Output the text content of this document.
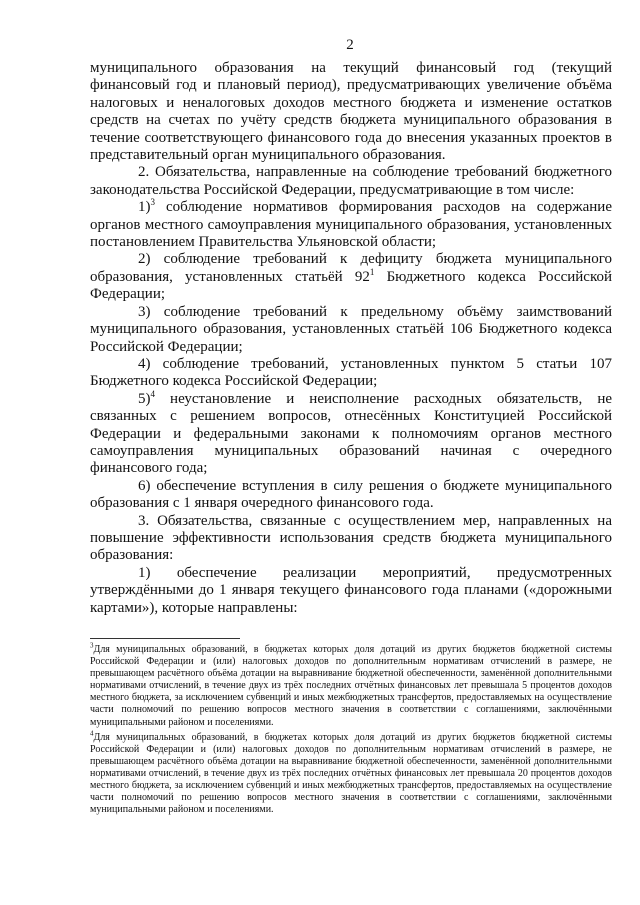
2

муниципального образования на текущий финансовый год (текущий финансовый год и плановый период), предусматривающих увеличение объёма налоговых и неналоговых доходов местного бюджета и изменение остатков средств на счетах по учёту средств бюджета муниципального образования в течение соответствующего финансового года до внесения указанных проектов в представительный орган муниципального образования.

2. Обязательства, направленные на соблюдение требований бюджетного законодательства Российской Федерации, предусматривающие в том числе:

1)$^3$ соблюдение нормативов формирования расходов на содержание органов местного самоуправления муниципального образования, установленных постановлением Правительства Ульяновской области;

2) соблюдение требований к дефициту бюджета муниципального образования, установленных статьёй $92^1$ Бюджетного кодекса Российской Федерации;

3) соблюдение требований к предельному объёму заимствований муниципального образования, установленных статьёй 106 Бюджетного кодекса Российской Федерации;

4) соблюдение требований, установленных пунктом 5 статьи 107 Бюджетного кодекса Российской Федерации;

5)$^4$ неустановление и неисполнение расходных обязательств, не связанных с решением вопросов, отнесённых Конституцией Российской Федерации и федеральными законами к полномочиям органов местного самоуправления муниципальных образований начиная с очередного финансового года;

6) обеспечение вступления в силу решения о бюджете муниципального образования с 1 января очередного финансового года.

3. Обязательства, связанные с осуществлением мер, направленных на повышение эффективности использования средств бюджета муниципального образования:

1) обеспечение реализации мероприятий, предусмотренных утверждёнными до 1 января текущего финансового года планами («дорожными картами»), которые направлены:

$^3$Для муниципальных образований, в бюджетах которых доля дотаций из других бюджетов бюджетной системы Российской Федерации и (или) налоговых доходов по дополнительным нормативам отчислений в размере, не превышающем расчётного объёма дотации на выравнивание бюджетной обеспеченности, заменённой дополнительными нормативами отчислений, в течение двух из трёх последних отчётных финансовых лет превышала 5 процентов доходов местного бюджета, за исключением субвенций и иных межбюджетных трансфертов, предоставляемых на осуществление части полномочий по решению вопросов местного значения в соответствии с соглашениями, заключёнными муниципальными районом и поселениями.

$^4$Для муниципальных образований, в бюджетах которых доля дотаций из других бюджетов бюджетной системы Российской Федерации и (или) налоговых доходов по дополнительным нормативам отчислений в размере, не превышающем расчётного объёма дотации на выравнивание бюджетной обеспеченности, заменённой дополнительными нормативами отчислений, в течение двух из трёх последних отчётных финансовых лет превышала 20 процентов доходов местного бюджета, за исключением субвенций и иных межбюджетных трансфертов, предоставляемых на осуществление части полномочий по решению вопросов местного значения в соответствии с соглашениями, заключёнными муниципальными районом и поселениями.
